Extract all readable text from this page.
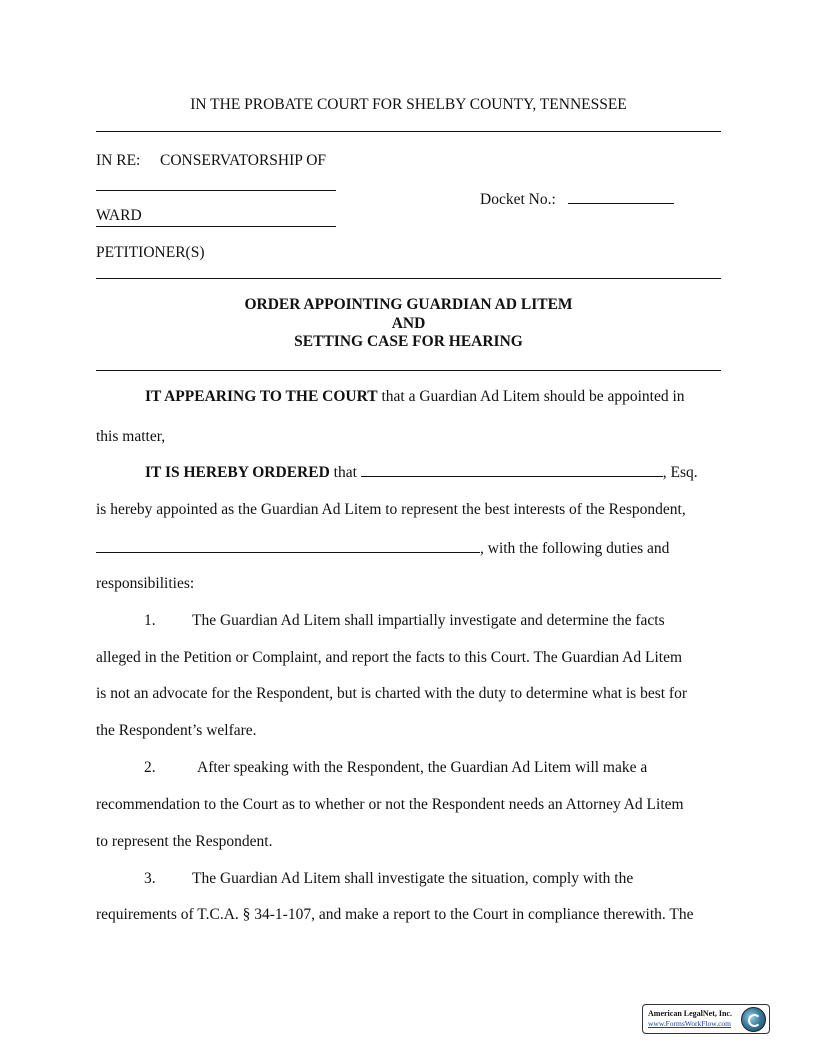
IN THE PROBATE COURT FOR SHELBY COUNTY, TENNESSEE
IN RE: CONSERVATORSHIP OF
Docket No.:
WARD
PETITIONER(S)
ORDER APPOINTING GUARDIAN AD LITEM
AND
SETTING CASE FOR HEARING
IT APPEARING TO THE COURT that a Guardian Ad Litem should be appointed in
this matter,
IT IS HEREBY ORDERED that	, Esq.
is hereby appointed as the Guardian Ad Litem to represent the best interests of the Respondent,
, with the following duties and
responsibilities:
1. The Guardian Ad Litem shall impartially investigate and determine the facts
alleged in the Petition or Complaint, and report the facts to this Court. The Guardian Ad Litem
is not an advocate for the Respondent, but is charted with the duty to determine what is best for
the Respondent’s welfare.
2.	After speaking with the Respondent, the Guardian Ad Litem will make a
recommendation to the Court as to whether or not the Respondent needs an Attorney Ad Litem
to represent the Respondent.
3. The Guardian Ad Litem shall investigate the situation, comply with the
requirements of T.C.A. § 34-1-107, and make a report to the Court in compliance therewith. The
American LegalNet, Inc.
www.FormsWorkFlow.com
